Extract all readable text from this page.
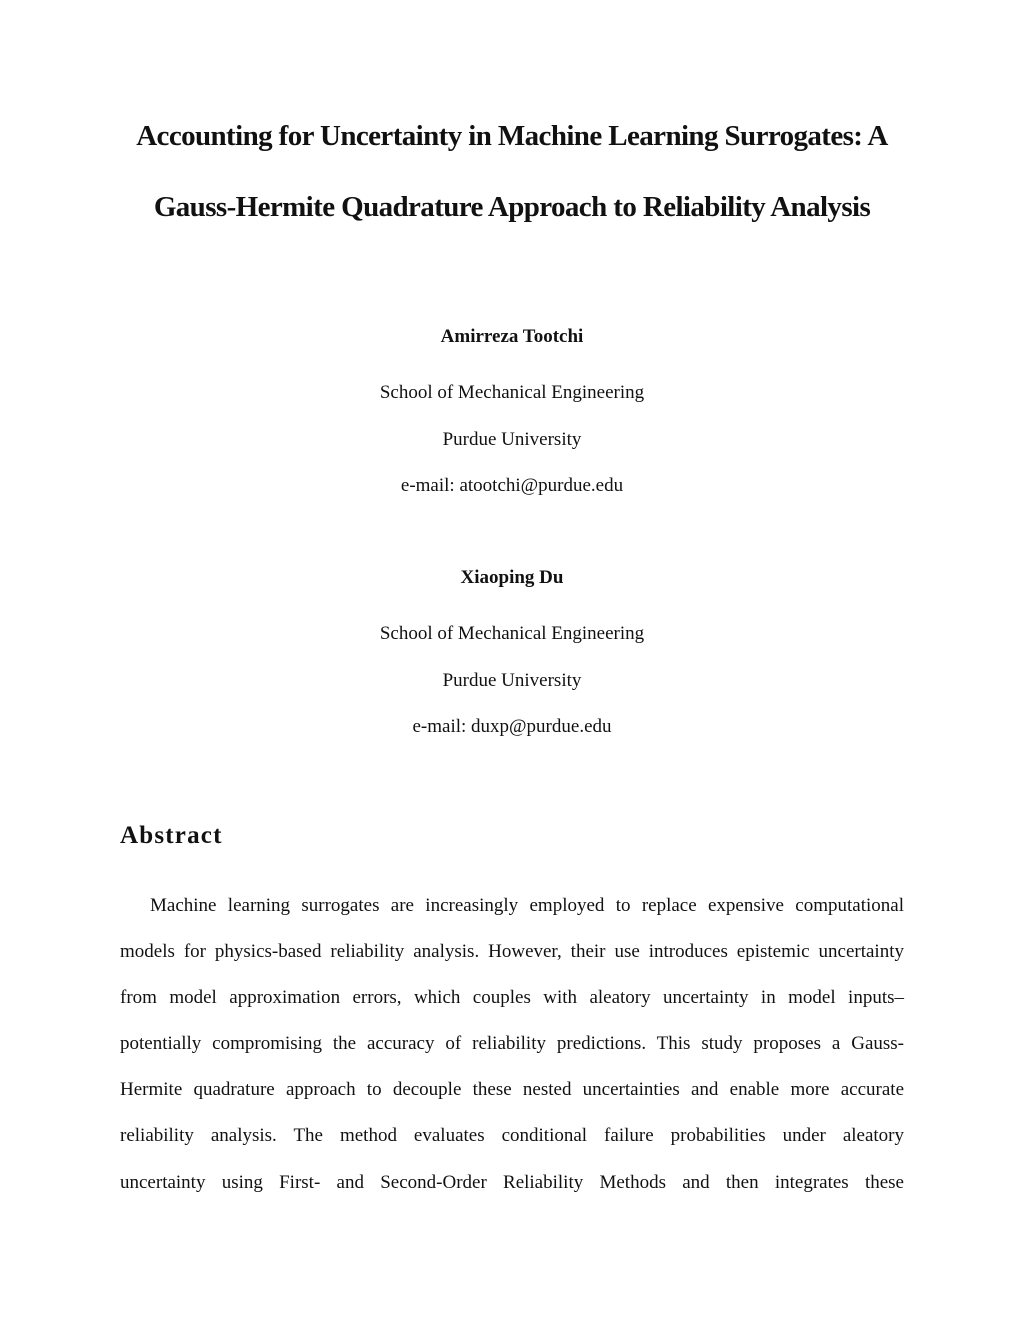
Accounting for Uncertainty in Machine Learning Surrogates: A
Gauss-Hermite Quadrature Approach to Reliability Analysis

Amirreza Tootchi

School of Mechanical Engineering

Purdue University

e-mail: atootchi@purdue.edu

Xiaoping Du

School of Mechanical Engineering

Purdue University

e-mail: duxp@purdue.edu

Abstract

Machine learning surrogates are increasingly employed to replace expensive computational

models for physics-based reliability analysis. However, their use introduces epistemic uncertainty

from model approximation errors, which couples with aleatory uncertainty in model inputs–

potentially compromising the accuracy of reliability predictions. This study proposes a Gauss-

Hermite quadrature approach to decouple these nested uncertainties and enable more accurate

reliability analysis. The method evaluates conditional failure probabilities under aleatory

uncertainty using First- and Second-Order Reliability Methods and then integrates these
